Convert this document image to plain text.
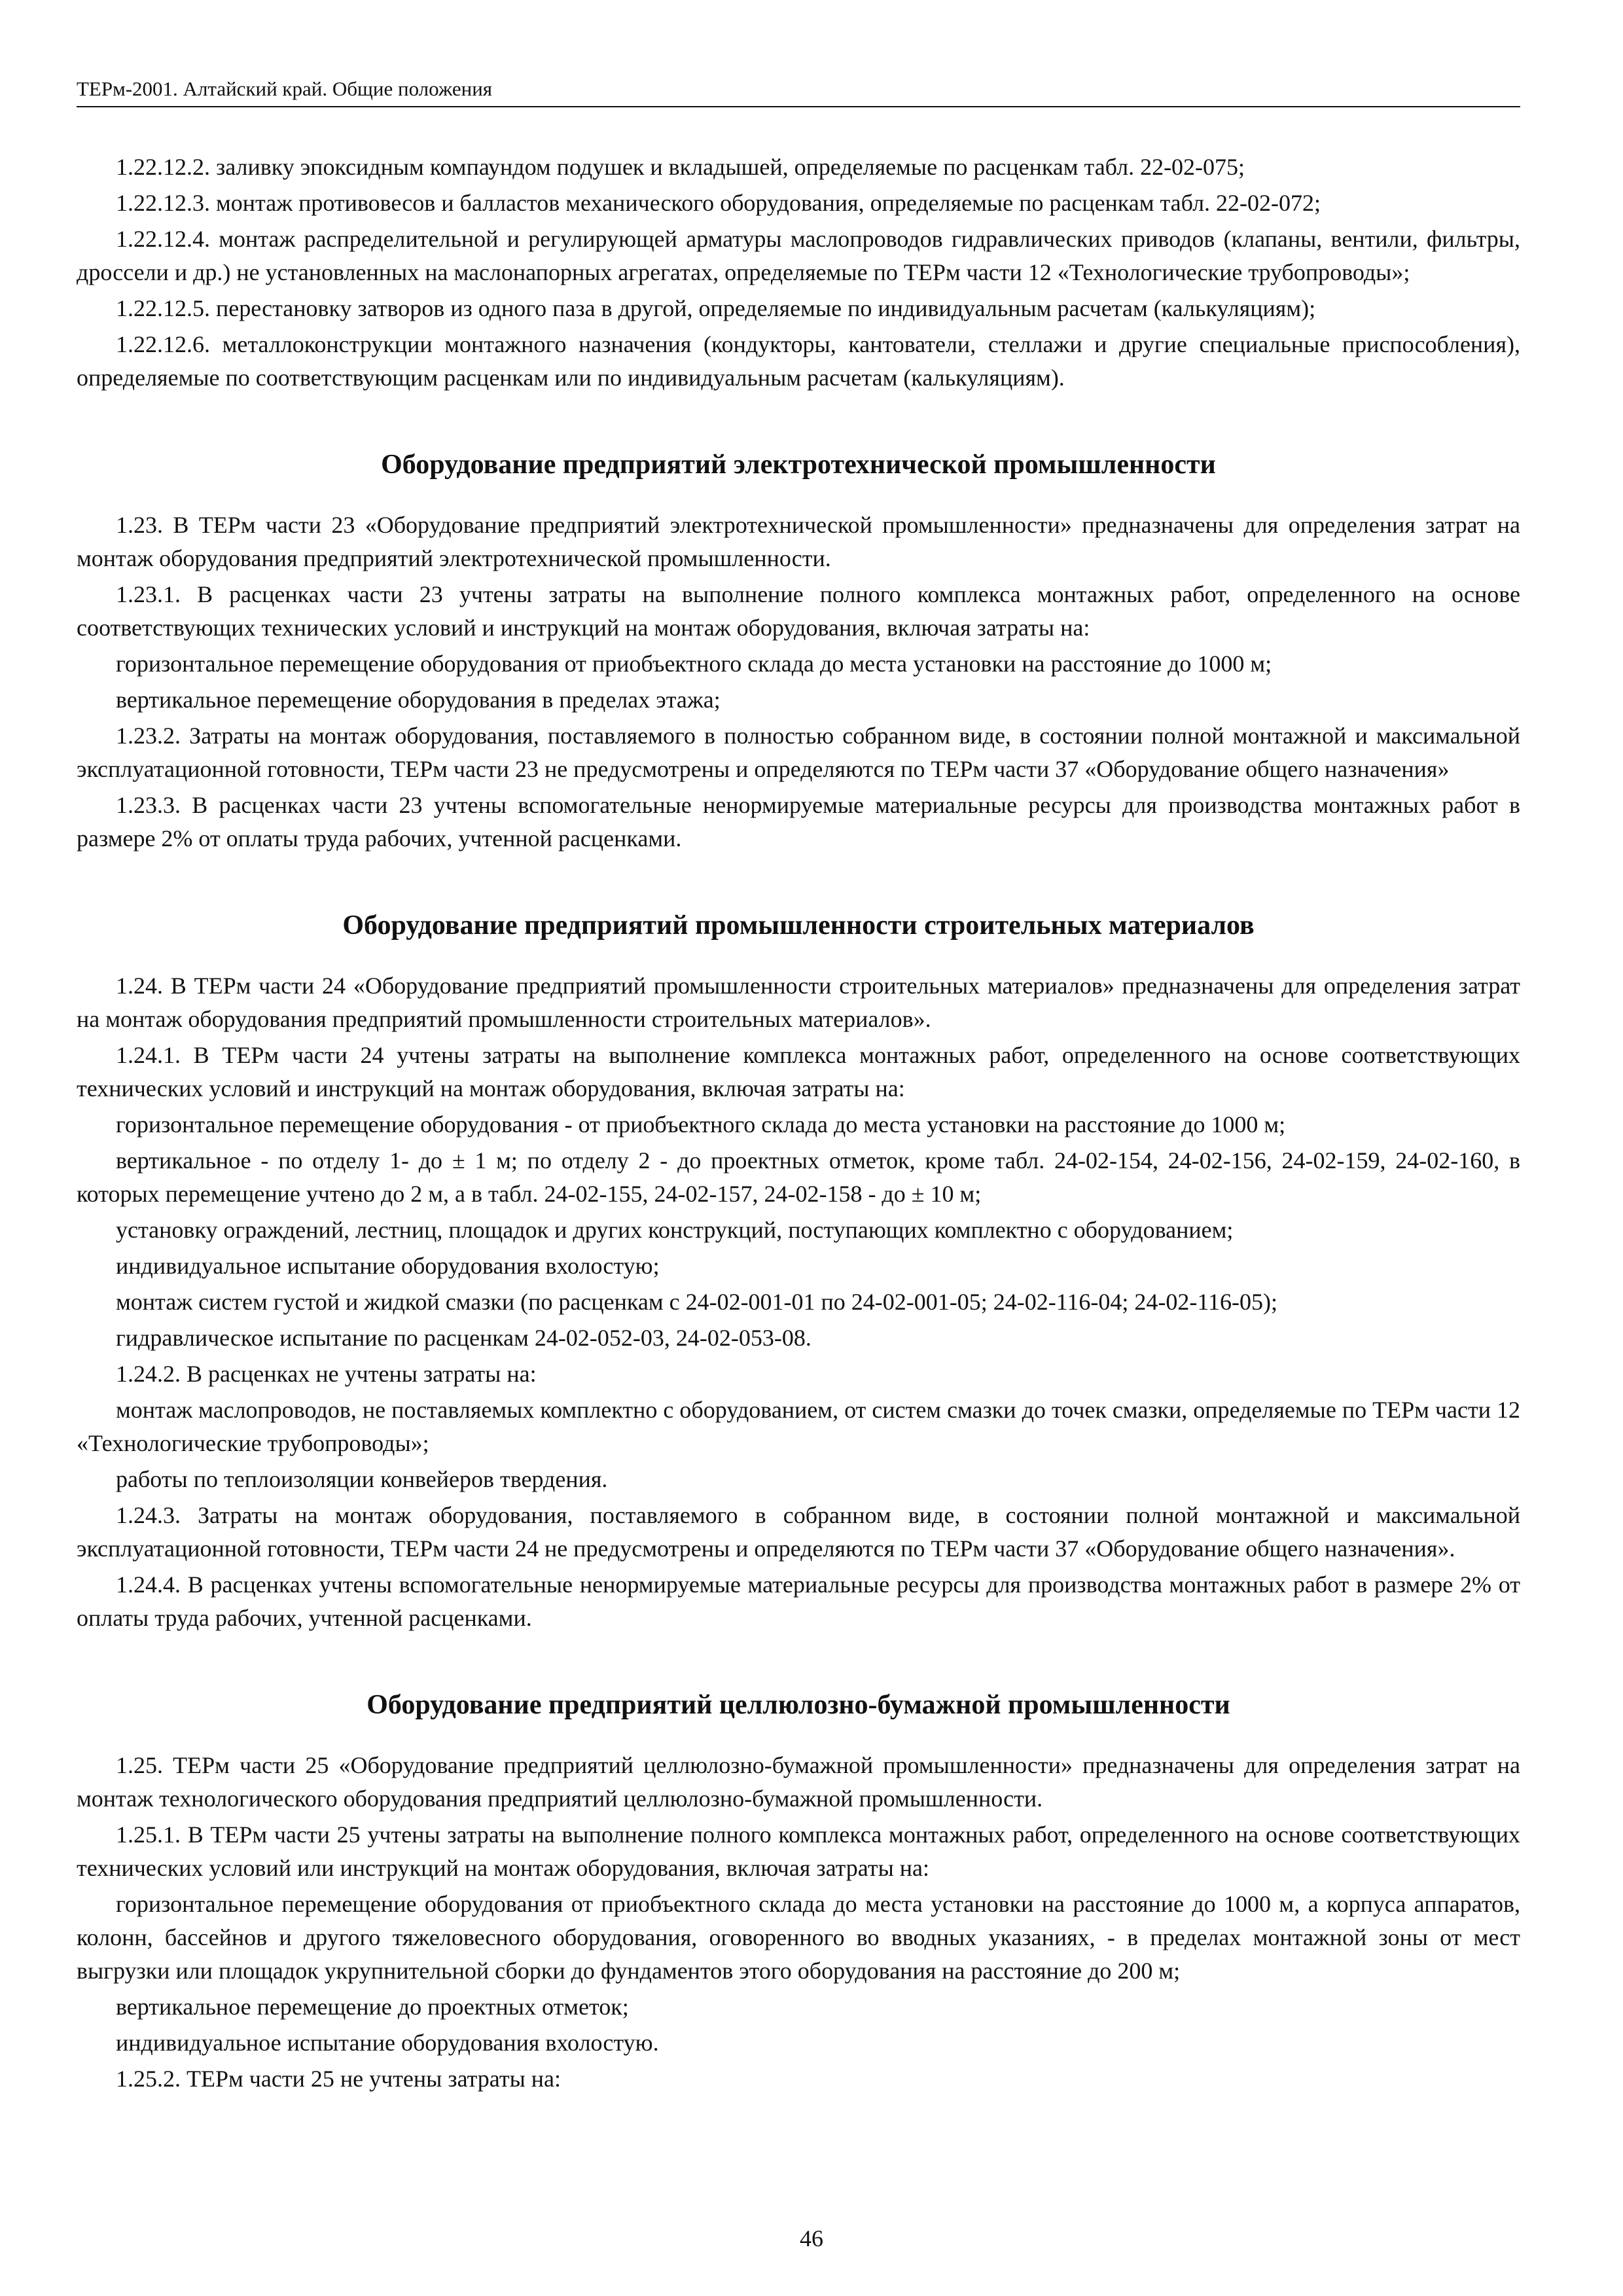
ТЕРм-2001. Алтайский край. Общие положения

1.22.12.2. заливку эпоксидным компаундом подушек и вкладышей, определяемые по расценкам табл. 22-02-075;

1.22.12.3. монтаж противовесов и балластов механического оборудования, определяемые по расценкам табл. 22-02-072;

1.22.12.4. монтаж распределительной и регулирующей арматуры маслопроводов гидравлических приводов (клапаны, вентили, фильтры, дроссели и др.) не установленных на маслонапорных агрегатах, определяемые по ТЕРм части 12 «Технологические трубопроводы»;

1.22.12.5. перестановку затворов из одного паза в другой, определяемые по индивидуальным расчетам (калькуляциям);

1.22.12.6. металлоконструкции монтажного назначения (кондукторы, кантователи, стеллажи и другие специальные приспособления), определяемые по соответствующим расценкам или по индивидуальным расчетам (калькуляциям).

Оборудование предприятий электротехнической промышленности

1.23. В ТЕРм части 23 «Оборудование предприятий электротехнической промышленности» предназначены для определения затрат на монтаж оборудования предприятий электротехнической промышленности.

1.23.1. В расценках части 23 учтены затраты на выполнение полного комплекса монтажных работ, определенного на основе соответствующих технических условий и инструкций на монтаж оборудования, включая затраты на:

горизонтальное перемещение оборудования от приобъектного склада до места установки на расстояние до 1000 м;

вертикальное перемещение оборудования в пределах этажа;

1.23.2. Затраты на монтаж оборудования, поставляемого в полностью собранном виде, в состоянии полной монтажной и максимальной эксплуатационной готовности, ТЕРм части 23 не предусмотрены и определяются по ТЕРм части 37 «Оборудование общего назначения»

1.23.3. В расценках части 23 учтены вспомогательные ненормируемые материальные ресурсы для производства монтажных работ в размере 2% от оплаты труда рабочих, учтенной расценками.

Оборудование предприятий промышленности строительных материалов

1.24. В ТЕРм части 24 «Оборудование предприятий промышленности строительных материалов» предназначены для определения затрат на монтаж оборудования предприятий промышленности строительных материалов».

1.24.1. В ТЕРм части 24 учтены затраты на выполнение комплекса монтажных работ, определенного на основе соответствующих технических условий и инструкций на монтаж оборудования, включая затраты на:

горизонтальное перемещение оборудования - от приобъектного склада до места установки на расстояние до 1000 м;

вертикальное - по отделу 1- до ± 1 м; по отделу 2 - до проектных отметок, кроме табл. 24-02-154, 24-02-156, 24-02-159, 24-02-160, в которых перемещение учтено до 2 м, а в табл. 24-02-155, 24-02-157, 24-02-158 - до ± 10 м;

установку ограждений, лестниц, площадок и других конструкций, поступающих комплектно с оборудованием;

индивидуальное испытание оборудования вхолостую;

монтаж систем густой и жидкой смазки (по расценкам с 24-02-001-01 по 24-02-001-05; 24-02-116-04; 24-02-116-05);

гидравлическое испытание по расценкам 24-02-052-03, 24-02-053-08.

1.24.2. В расценках не учтены затраты на:

монтаж маслопроводов, не поставляемых комплектно с оборудованием, от систем смазки до точек смазки, определяемые по ТЕРм части 12 «Технологические трубопроводы»;

работы по теплоизоляции конвейеров твердения.

1.24.3. Затраты на монтаж оборудования, поставляемого в собранном виде, в состоянии полной монтажной и максимальной эксплуатационной готовности, ТЕРм части 24 не предусмотрены и определяются по ТЕРм части 37 «Оборудование общего назначения».

1.24.4. В расценках учтены вспомогательные ненормируемые материальные ресурсы для производства монтажных работ в размере 2% от оплаты труда рабочих, учтенной расценками.

Оборудование предприятий целлюлозно-бумажной промышленности

1.25. ТЕРм части 25 «Оборудование предприятий целлюлозно-бумажной промышленности» предназначены для определения затрат на монтаж технологического оборудования предприятий целлюлозно-бумажной промышленности.

1.25.1. В ТЕРм части 25 учтены затраты на выполнение полного комплекса монтажных работ, определенного на основе соответствующих технических условий или инструкций на монтаж оборудования, включая затраты на:

горизонтальное перемещение оборудования от приобъектного склада до места установки на расстояние до 1000 м, а корпуса аппаратов, колонн, бассейнов и другого тяжеловесного оборудования, оговоренного во вводных указаниях, - в пределах монтажной зоны от мест выгрузки или площадок укрупнительной сборки до фундаментов этого оборудования на расстояние до 200 м;

вертикальное перемещение до проектных отметок;

индивидуальное испытание оборудования вхолостую.

1.25.2. ТЕРм части 25 не учтены затраты на:

46
